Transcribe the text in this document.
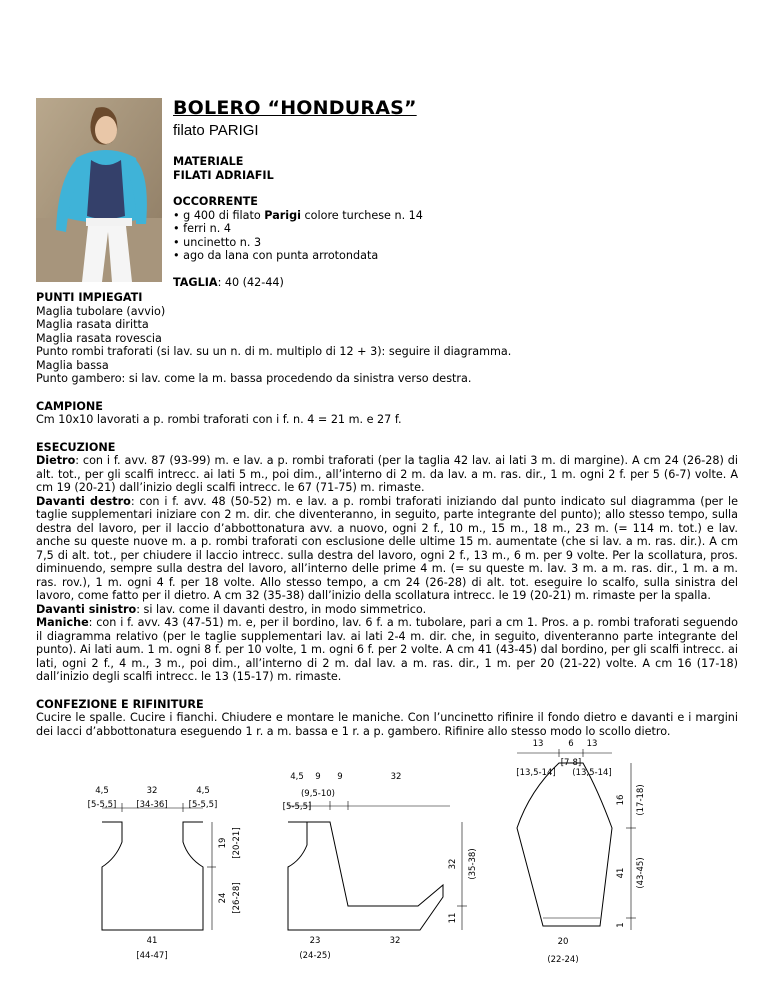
BOLERO “HONDURAS”

filato PARIGI

MATERIALE

FILATI ADRIAFIL

OCCORRENTE

• g 400 di filato Parigi colore turchese n. 14

• ferri n. 4

• uncinetto n. 3

• ago da lana con punta arrotondata

TAGLIA: 40 (42-44)

PUNTI IMPIEGATI

Maglia tubolare (avvio)

Maglia rasata diritta

Maglia rasata rovescia

Punto rombi traforati (si lav. su un n. di m. multiplo di 12 + 3): seguire il diagramma.

Maglia bassa

Punto gambero: si lav. come la m. bassa procedendo da sinistra verso destra.

CAMPIONE

Cm 10x10 lavorati a p. rombi traforati con i f. n. 4 = 21 m. e 27 f.

ESECUZIONE

Dietro: con i f. avv. 87 (93-99) m. e lav. a p. rombi traforati (per la taglia 42 lav. ai lati 3 m. di margine). A cm 24 (26-28) di alt. tot., per gli scalfi intrecc. ai lati 5 m., poi dim., all’interno di 2 m. da lav. a m. ras. dir., 1 m. ogni 2 f. per 5 (6-7) volte. A cm 19 (20-21) dall’inizio degli scalfi intrecc. le 67 (71-75) m. rimaste.

Davanti destro: con i f. avv. 48 (50-52) m. e lav. a p. rombi traforati iniziando dal punto indicato sul diagramma (per le taglie supplementari iniziare con 2 m. dir. che diventeranno, in seguito, parte integrante del punto); allo stesso tempo, sulla destra del lavoro, per il laccio d’abbottonatura avv. a nuovo, ogni 2 f., 10 m., 15 m., 18 m., 23 m. (= 114 m. tot.) e lav. anche su queste nuove m. a p. rombi traforati con esclusione delle ultime 15 m. aumentate (che si lav. a m. ras. dir.). A cm 7,5 di alt. tot., per chiudere il laccio intrecc. sulla destra del lavoro, ogni 2 f., 13 m., 6 m. per 9 volte. Per la scollatura, pros. diminuendo, sempre sulla destra del lavoro, all’interno delle prime 4 m. (= su queste m. lav. 3 m. a m. ras. dir., 1 m. a m. ras. rov.), 1 m. ogni 4 f. per 18 volte. Allo stesso tempo, a cm 24 (26-28) di alt. tot. eseguire lo scalfo, sulla sinistra del lavoro, come fatto per il dietro. A cm 32 (35-38) dall’inizio della scollatura intrecc. le 19 (20-21) m. rimaste per la spalla.

Davanti sinistro: si lav. come il davanti destro, in modo simmetrico.

Maniche: con i f. avv. 43 (47-51) m. e, per il bordino, lav. 6 f. a m. tubolare, pari a cm 1. Pros. a p. rombi traforati seguendo il diagramma relativo (per le taglie supplementari lav. ai lati 2-4 m. dir. che, in seguito, diventeranno parte integrante del punto). Ai lati aum. 1 m. ogni 8 f. per 10 volte, 1 m. ogni 6 f. per 2 volte. A cm 41 (43-45) dal bordino, per gli scalfi intrecc. ai lati, ogni 2 f., 4 m., 3 m., poi dim., all’interno di 2 m. dal lav. a m. ras. dir., 1 m. per 20 (21-22) volte. A cm 16 (17-18) dall’inizio degli scalfi intrecc. le 13 (15-17) m. rimaste.

CONFEZIONE E RIFINITURE

Cucire le spalle. Cucire i fianchi. Chiudere e montare le maniche. Con l’uncinetto rifinire il fondo dietro e davanti e i margini dei lacci d’abbottonatura eseguendo 1 r. a m. bassa e 1 r. a p. gambero. Rifinire allo stesso modo lo scollo dietro.

4,5	32	4,5
[5-5,5] [34-36] [5-5,5]
41
[44-47]
19 [20-21]
24 [26-28]
4,5 9 9	32
(9,5-10)
[5-5,5]
23	32
(24-25)
32 (35-38)
11
13	6 13
[7-8]
[13,5-14] (13,5-14]
20
(22-24)
16 (17-18)
41 (43-45)
1
